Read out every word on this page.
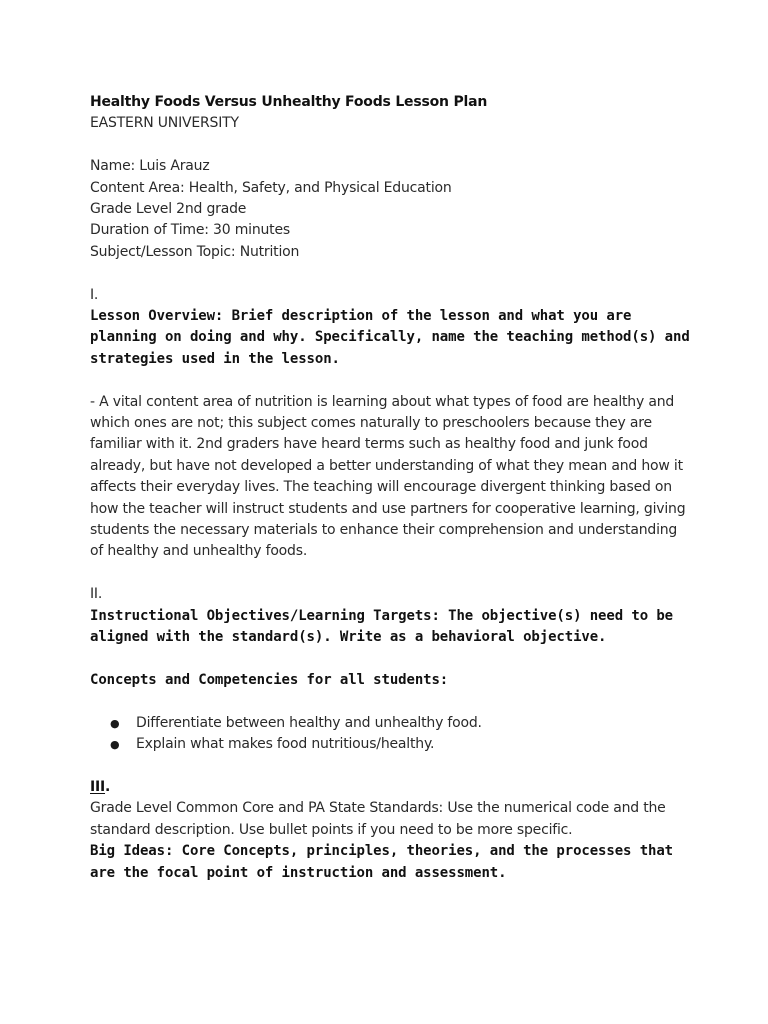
Healthy Foods Versus Unhealthy Foods Lesson Plan

EASTERN UNIVERSITY

Name: Luis Arauz

Content Area: Health, Safety, and Physical Education

Grade Level 2nd grade

Duration of Time: 30 minutes

Subject/Lesson Topic: Nutrition

I.

Lesson Overview: Brief description of the lesson and what you are planning on doing and why. Specifically, name the teaching method(s) and strategies used in the lesson.

- A vital content area of nutrition is learning about what types of food are healthy and which ones are not; this subject comes naturally to preschoolers because they are familiar with it. 2nd graders have heard terms such as healthy food and junk food already, but have not developed a better understanding of what they mean and how it affects their everyday lives. The teaching will encourage divergent thinking based on how the teacher will instruct students and use partners for cooperative learning, giving students the necessary materials to enhance their comprehension and understanding of healthy and unhealthy foods.

II.

Instructional Objectives/Learning Targets: The objective(s) need to be aligned with the standard(s). Write as a behavioral objective.

Concepts and Competencies for all students:

●	Differentiate between healthy and unhealthy food.
●	Explain what makes food nutritious/healthy.

III.

Grade Level Common Core and PA State Standards: Use the numerical code and the standard description. Use bullet points if you need to be more specific.

Big Ideas: Core Concepts, principles, theories, and the processes that are the focal point of instruction and assessment.
